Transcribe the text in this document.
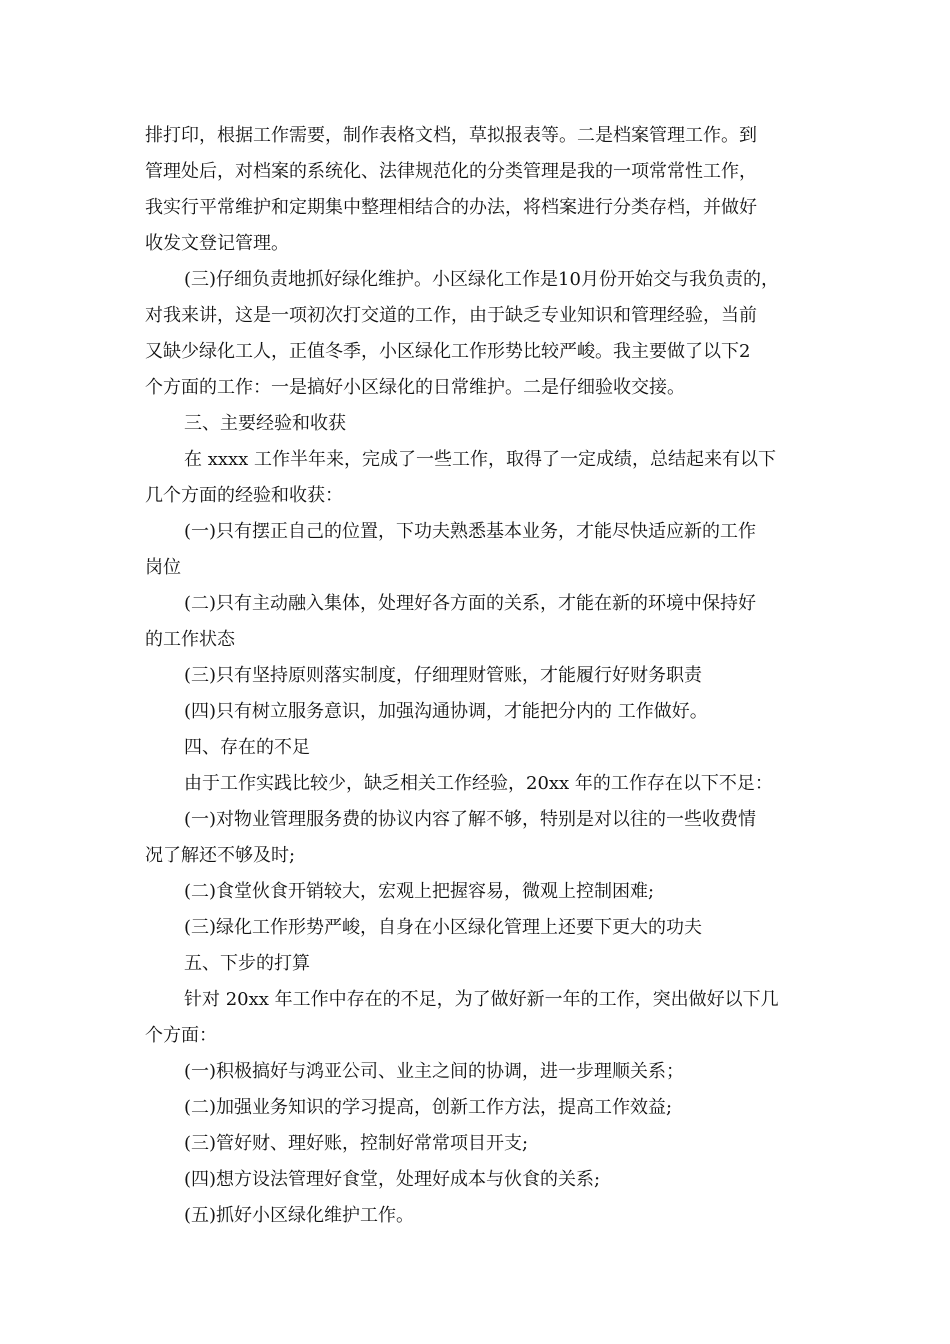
排打印，根据工作需要，制作表格文档，草拟报表等。二是档案管理工作。到
管理处后，对档案的系统化、法律规范化的分类管理是我的一项常常性工作，
我实行平常维护和定期集中整理相结合的办法，将档案进行分类存档，并做好
收发文登记管理。
(三)仔细负责地抓好绿化维护。小区绿化工作是10月份开始交与我负责的，
对我来讲，这是一项初次打交道的工作，由于缺乏专业知识和管理经验，当前
又缺少绿化工人，正值冬季，小区绿化工作形势比较严峻。我主要做了以下2
个方面的工作：一是搞好小区绿化的日常维护。二是仔细验收交接。
三、主要经验和收获
在 xxxx 工作半年来，完成了一些工作，取得了一定成绩，总结起来有以下
几个方面的经验和收获：
(一)只有摆正自己的位置，下功夫熟悉基本业务，才能尽快适应新的工作
岗位
(二)只有主动融入集体，处理好各方面的关系，才能在新的环境中保持好
的工作状态
(三)只有坚持原则落实制度，仔细理财管账，才能履行好财务职责
(四)只有树立服务意识，加强沟通协调，才能把分内的 工作做好。
四、存在的不足
由于工作实践比较少，缺乏相关工作经验，20xx 年的工作存在以下不足：
(一)对物业管理服务费的协议内容了解不够，特别是对以往的一些收费情
况了解还不够及时;
(二)食堂伙食开销较大，宏观上把握容易，微观上控制困难;
(三)绿化工作形势严峻，自身在小区绿化管理上还要下更大的功夫
五、下步的打算
针对 20xx 年工作中存在的不足，为了做好新一年的工作，突出做好以下几
个方面：
(一)积极搞好与鸿亚公司、业主之间的协调，进一步理顺关系；
(二)加强业务知识的学习提高，创新工作方法，提高工作效益;
(三)管好财、理好账，控制好常常项目开支;
(四)想方设法管理好食堂，处理好成本与伙食的关系;
(五)抓好小区绿化维护工作。
